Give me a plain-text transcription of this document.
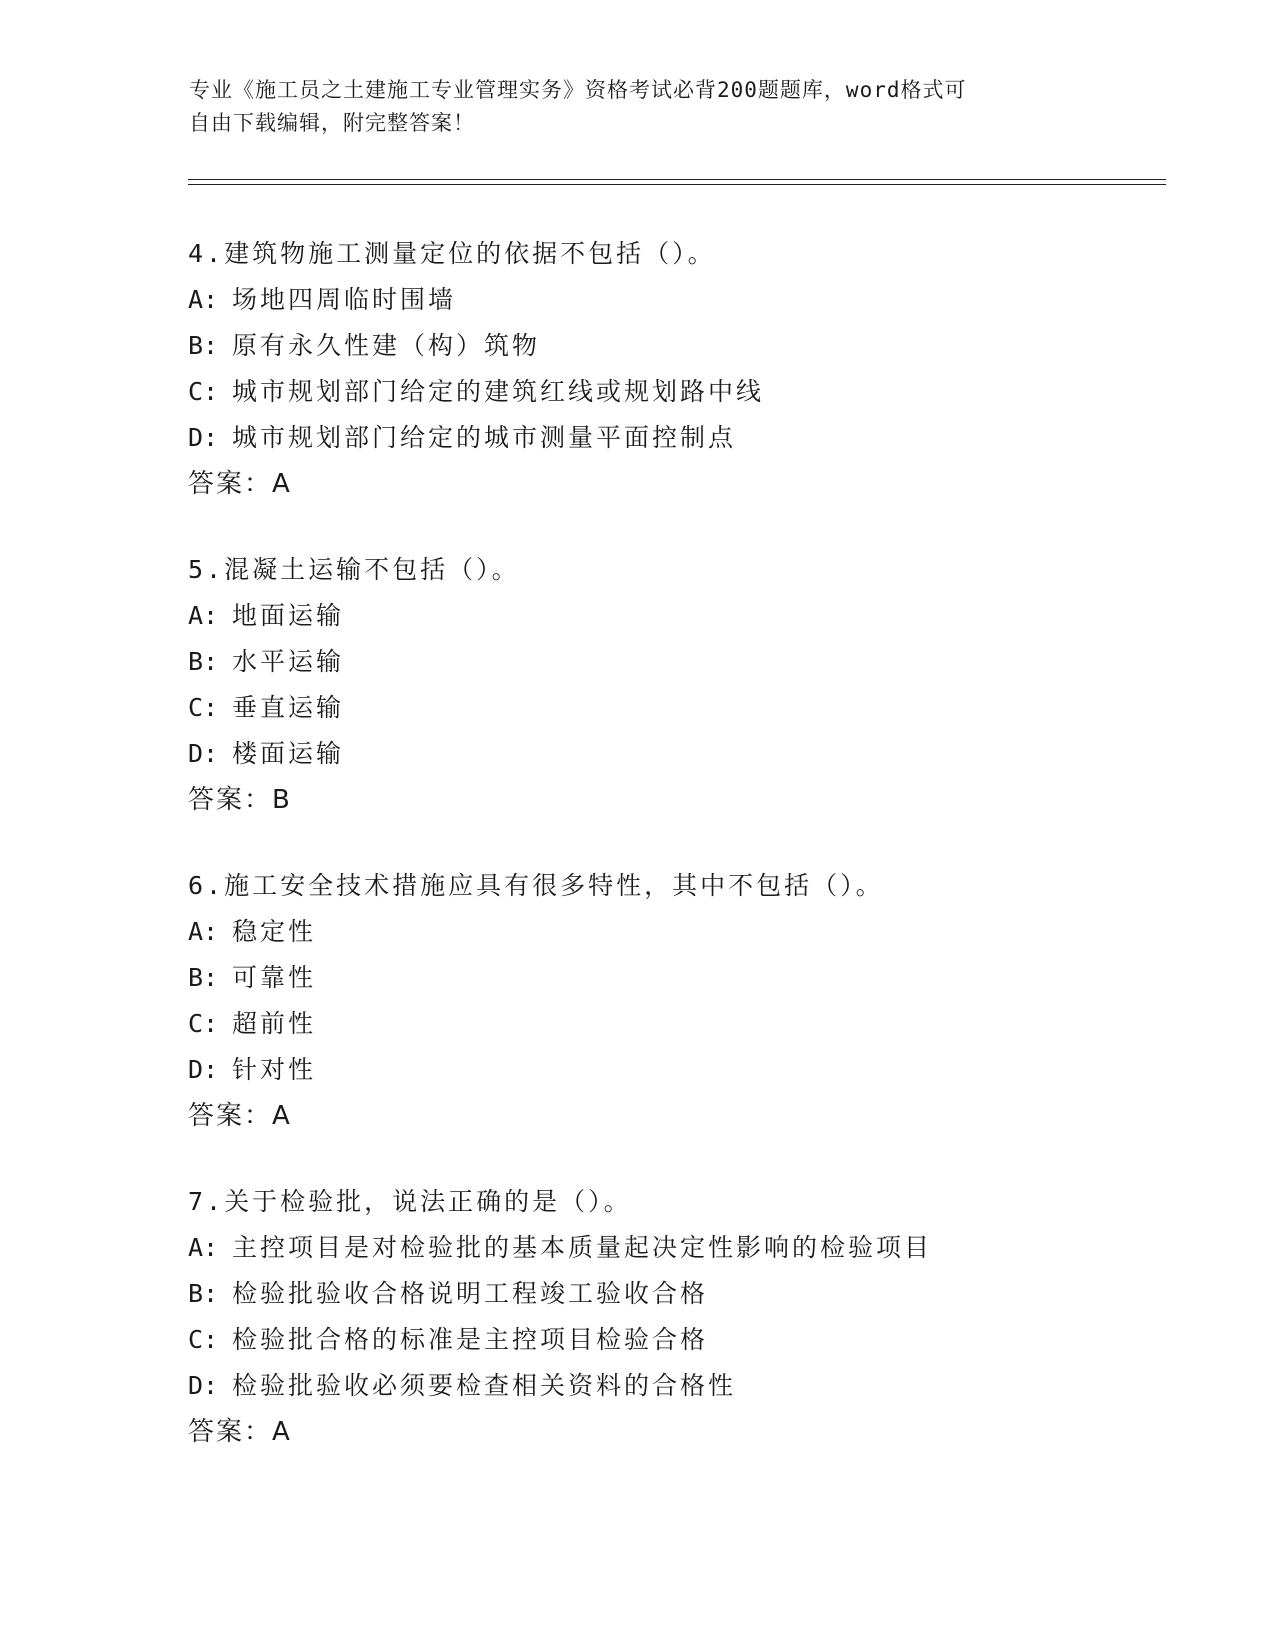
专业《施工员之土建施工专业管理实务》资格考试必背200题题库，word格式可
自由下载编辑，附完整答案！
4.建筑物施工测量定位的依据不包括（）。
A: 场地四周临时围墙
B: 原有永久性建（构）筑物
C: 城市规划部门给定的建筑红线或规划路中线
D: 城市规划部门给定的城市测量平面控制点
答案：A
5.混凝土运输不包括（）。
A: 地面运输
B: 水平运输
C: 垂直运输
D: 楼面运输
答案：B
6.施工安全技术措施应具有很多特性，其中不包括（）。
A: 稳定性
B: 可靠性
C: 超前性
D: 针对性
答案：A
7.关于检验批，说法正确的是（）。
A: 主控项目是对检验批的基本质量起决定性影响的检验项目
B: 检验批验收合格说明工程竣工验收合格
C: 检验批合格的标准是主控项目检验合格
D: 检验批验收必须要检查相关资料的合格性
答案：A
